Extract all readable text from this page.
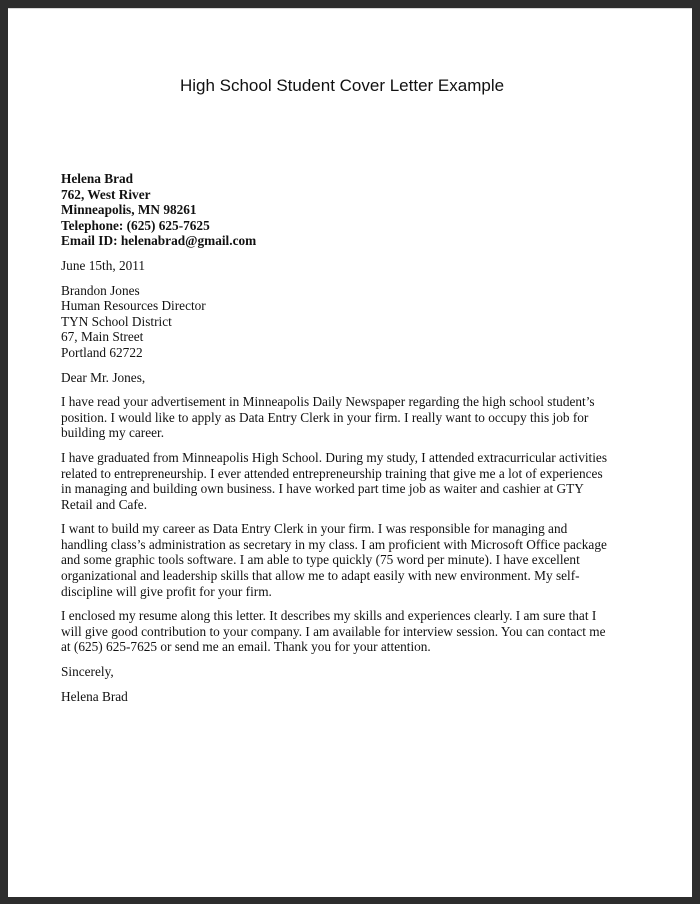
High School Student Cover Letter Example
Helena Brad
762, West River
Minneapolis, MN 98261
Telephone: (625) 625-7625
Email ID: helenabrad@gmail.com
June 15th, 2011
Brandon Jones
Human Resources Director
TYN School District
67, Main Street
Portland 62722
Dear Mr. Jones,
I have read your advertisement in Minneapolis Daily Newspaper regarding the high school student’s
position. I would like to apply as Data Entry Clerk in your firm. I really want to occupy this job for
building my career.
I have graduated from Minneapolis High School. During my study, I attended extracurricular activities
related to entrepreneurship. I ever attended entrepreneurship training that give me a lot of experiences
in managing and building own business. I have worked part time job as waiter and cashier at GTY
Retail and Cafe.
I want to build my career as Data Entry Clerk in your firm. I was responsible for managing and
handling class’s administration as secretary in my class. I am proficient with Microsoft Office package
and some graphic tools software. I am able to type quickly (75 word per minute). I have excellent
organizational and leadership skills that allow me to adapt easily with new environment. My self-
discipline will give profit for your firm.
I enclosed my resume along this letter. It describes my skills and experiences clearly. I am sure that I
will give good contribution to your company. I am available for interview session. You can contact me
at (625) 625-7625 or send me an email. Thank you for your attention.
Sincerely,
Helena Brad
